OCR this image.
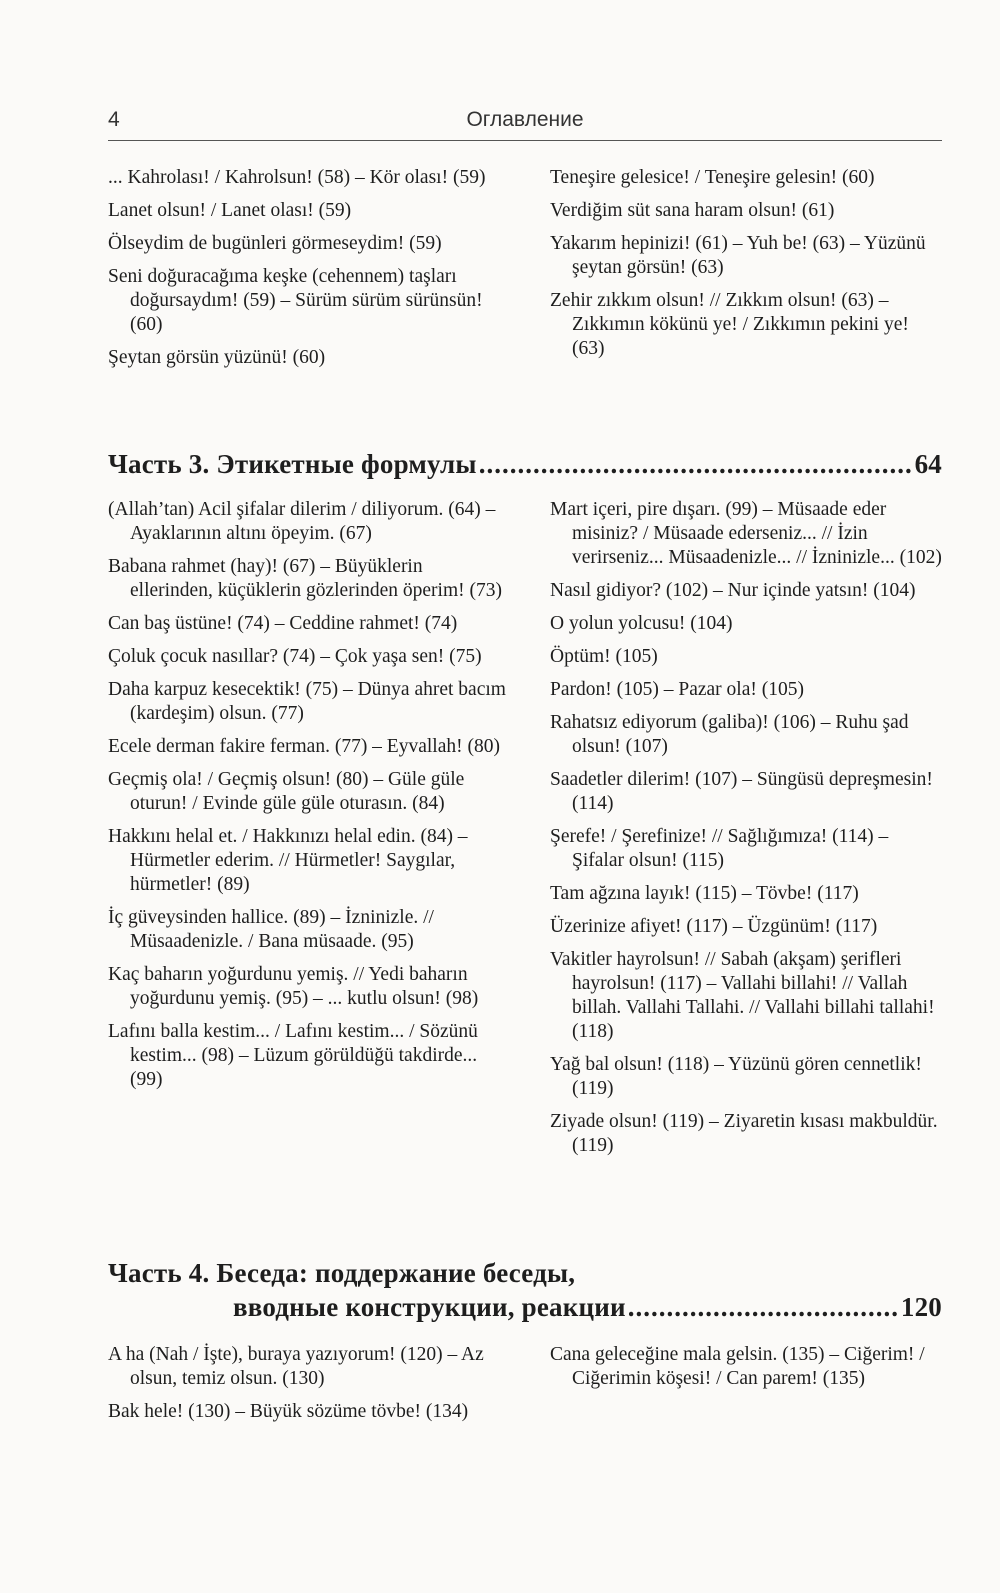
4	Оглавление

... Kahrolası! / Kahrolsun! (58) – Kör olası! (59)

Lanet olsun! / Lanet olası! (59)

Ölseydim de bugünleri görmeseydim! (59)

Seni doğuracağıma keşke (cehennem) taşları doğursaydım! (59) – Sürüm sürüm sürünsün! (60)

Şeytan görsün yüzünü! (60)

Teneşire gelesice! / Teneşire gelesin! (60)

Verdiğim süt sana haram olsun! (61)

Yakarım hepinizi! (61) – Yuh be! (63) – Yüzünü şeytan görsün! (63)

Zehir zıkkım olsun! // Zıkkım olsun! (63) – Zıkkımın kökünü ye! / Zıkkımın pekini ye! (63)

Часть 3.
Этикетные формулы .....	64

(Allah’tan) Acil şifalar dilerim / diliyorum. (64) – Ayaklarının altını öpeyim. (67)

Babana rahmet (hay)! (67) – Büyüklerin ellerinden, küçüklerin gözlerinden öperim! (73)

Can baş üstüne! (74) – Ceddine rahmet! (74)

Çoluk çocuk nasıllar? (74) – Çok yaşa sen! (75)

Daha karpuz kesecektik! (75) – Dünya ahret bacım (kardeşim) olsun. (77)

Ecele derman fakire ferman. (77) – Eyvallah! (80)

Geçmiş ola! / Geçmiş olsun! (80) – Güle güle oturun! / Evinde güle güle oturasın. (84)

Hakkını helal et. / Hakkınızı helal edin. (84) – Hürmetler ederim. // Hürmetler! Saygılar, hürmetler! (89)

İç güveysinden hallice. (89) – İzninizle. // Müsaadenizle. / Bana müsaade. (95)

Kaç baharın yoğurdunu yemiş. // Yedi baharın yoğurdunu yemiş. (95) – ... kutlu olsun! (98)

Lafını balla kestim... / Lafını kestim... / Sözünü kestim... (98) – Lüzum görüldüğü takdirde... (99)

Mart içeri, pire dışarı. (99) – Müsaade eder misiniz? / Müsaade ederseniz... // İzin verirseniz... Müsaadenizle... // İzninizle... (102)

Nasıl gidiyor? (102) – Nur içinde yatsın! (104)

O yolun yolcusu! (104)

Öptüm! (105)

Pardon! (105) – Pazar ola! (105)

Rahatsız ediyorum (galiba)! (106) – Ruhu şad olsun! (107)

Saadetler dilerim! (107) – Süngüsü depreşmesin! (114)

Şerefe! / Şerefinize! // Sağlığımıza! (114) – Şifalar olsun! (115)

Tam ağzına layık! (115) – Tövbe! (117)

Üzerinize afiyet! (117) – Üzgünüm! (117)

Vakitler hayrolsun! // Sabah (akşam) şerifleri hayrolsun! (117) – Vallahi billahi! // Vallah billah. Vallahi Tallahi. // Vallahi billahi tallahi! (118)

Yağ bal olsun! (118) – Yüzünü gören cennetlik! (119)

Ziyade olsun! (119) – Ziyaretin kısası makbuldür. (119)

Часть 4.
Беседа: поддержание беседы,
вводные конструкции, реакции .....	120

A ha (Nah / İşte), buraya yazıyorum! (120) – Az olsun, temiz olsun. (130)

Bak hele! (130) – Büyük sözüme tövbe! (134)

Cana geleceğine mala gelsin. (135) – Ciğerim! / Ciğerimin köşesi! / Can parem! (135)
